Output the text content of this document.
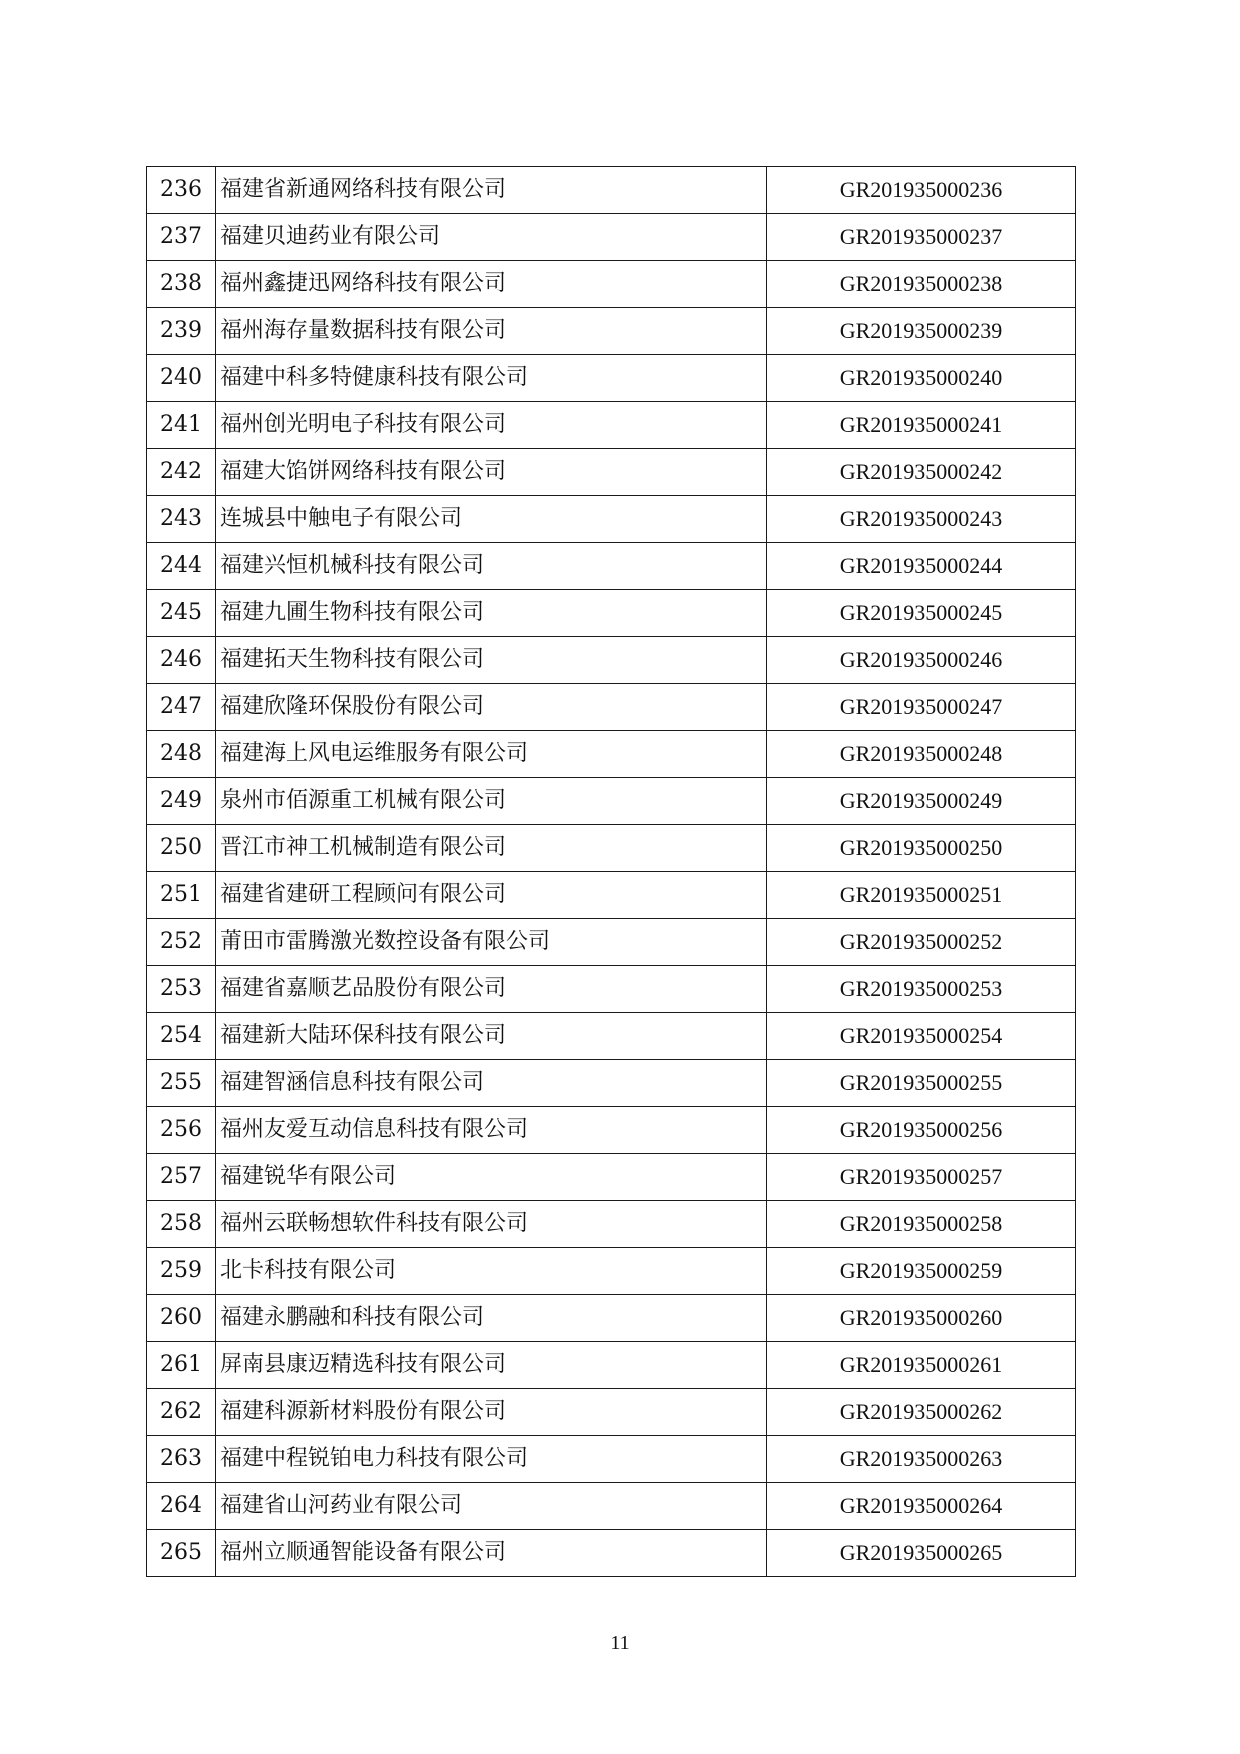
236	福建省新通网络科技有限公司	GR201935000236
237	福建贝迪药业有限公司	GR201935000237
238	福州鑫捷迅网络科技有限公司	GR201935000238
239	福州海存量数据科技有限公司	GR201935000239
240	福建中科多特健康科技有限公司	GR201935000240
241	福州创光明电子科技有限公司	GR201935000241
242	福建大馅饼网络科技有限公司	GR201935000242
243	连城县中触电子有限公司	GR201935000243
244	福建兴恒机械科技有限公司	GR201935000244
245	福建九圃生物科技有限公司	GR201935000245
246	福建拓天生物科技有限公司	GR201935000246
247	福建欣隆环保股份有限公司	GR201935000247
248	福建海上风电运维服务有限公司	GR201935000248
249	泉州市佰源重工机械有限公司	GR201935000249
250	晋江市神工机械制造有限公司	GR201935000250
251	福建省建研工程顾问有限公司	GR201935000251
252	莆田市雷腾激光数控设备有限公司	GR201935000252
253	福建省嘉顺艺品股份有限公司	GR201935000253
254	福建新大陆环保科技有限公司	GR201935000254
255	福建智涵信息科技有限公司	GR201935000255
256	福州友爱互动信息科技有限公司	GR201935000256
257	福建锐华有限公司	GR201935000257
258	福州云联畅想软件科技有限公司	GR201935000258
259	北卡科技有限公司	GR201935000259
260	福建永鹏融和科技有限公司	GR201935000260
261	屏南县康迈精选科技有限公司	GR201935000261
262	福建科源新材料股份有限公司	GR201935000262
263	福建中程锐铂电力科技有限公司	GR201935000263
264	福建省山河药业有限公司	GR201935000264
265	福州立顺通智能设备有限公司	GR201935000265
11
